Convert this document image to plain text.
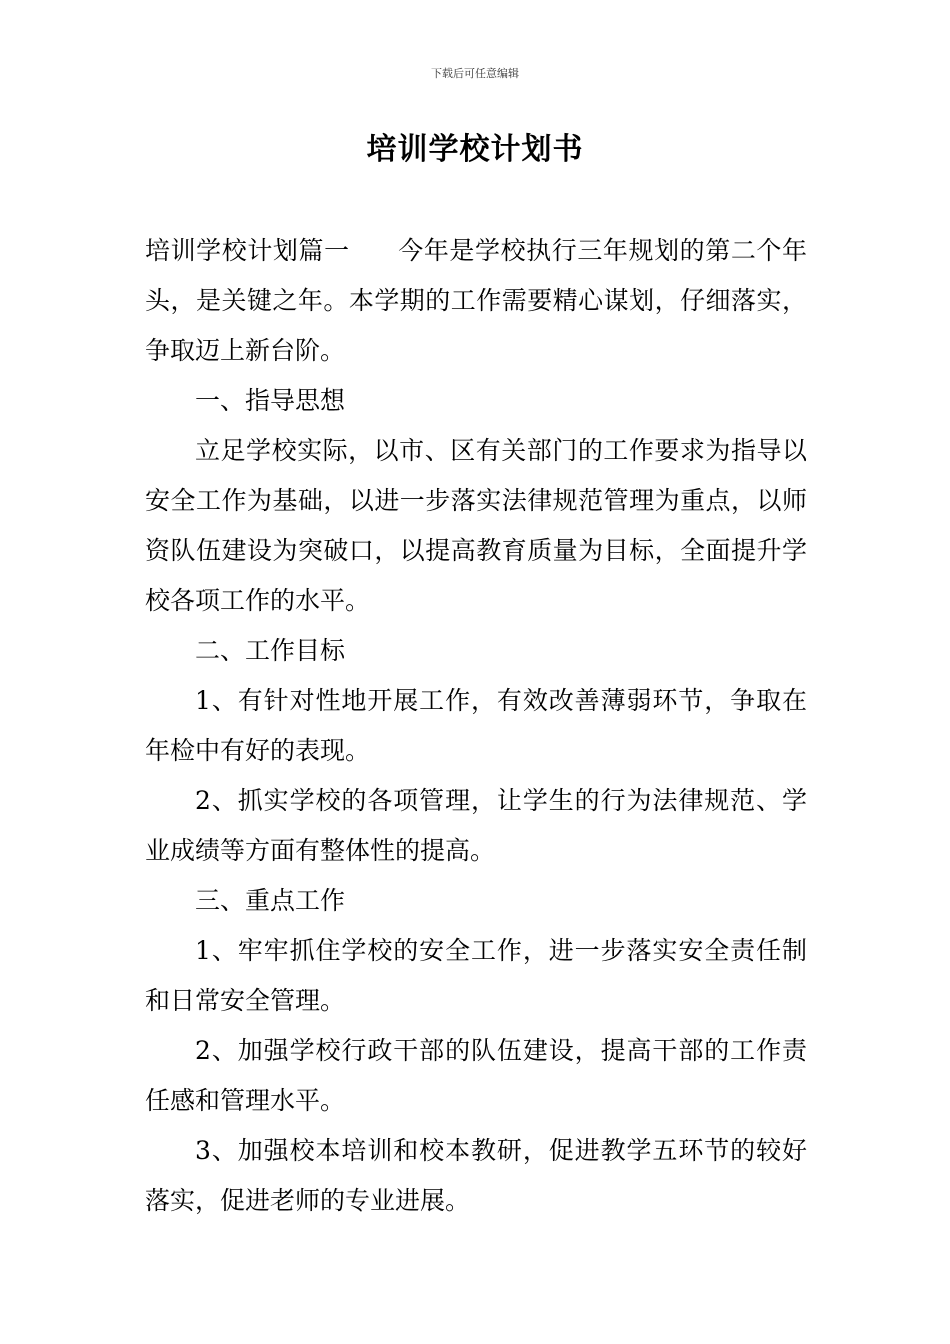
下载后可任意编辑
培训学校计划书

培训学校计划篇一 今年是学校执行三年规划的第二个年头，是关键之年。本学期的工作需要精心谋划，仔细落实，争取迈上新台阶。

一、指导思想

立足学校实际，以市、区有关部门的工作要求为指导以安全工作为基础，以进一步落实法律规范管理为重点，以师资队伍建设为突破口，以提高教育质量为目标，全面提升学校各项工作的水平。

二、工作目标

1、有针对性地开展工作，有效改善薄弱环节，争取在年检中有好的表现。

2、抓实学校的各项管理，让学生的行为法律规范、学业成绩等方面有整体性的提高。

三、重点工作

1、牢牢抓住学校的安全工作，进一步落实安全责任制和日常安全管理。

2、加强学校行政干部的队伍建设，提高干部的工作责任感和管理水平。

3、加强校本培训和校本教研，促进教学五环节的较好落实，促进老师的专业进展。
